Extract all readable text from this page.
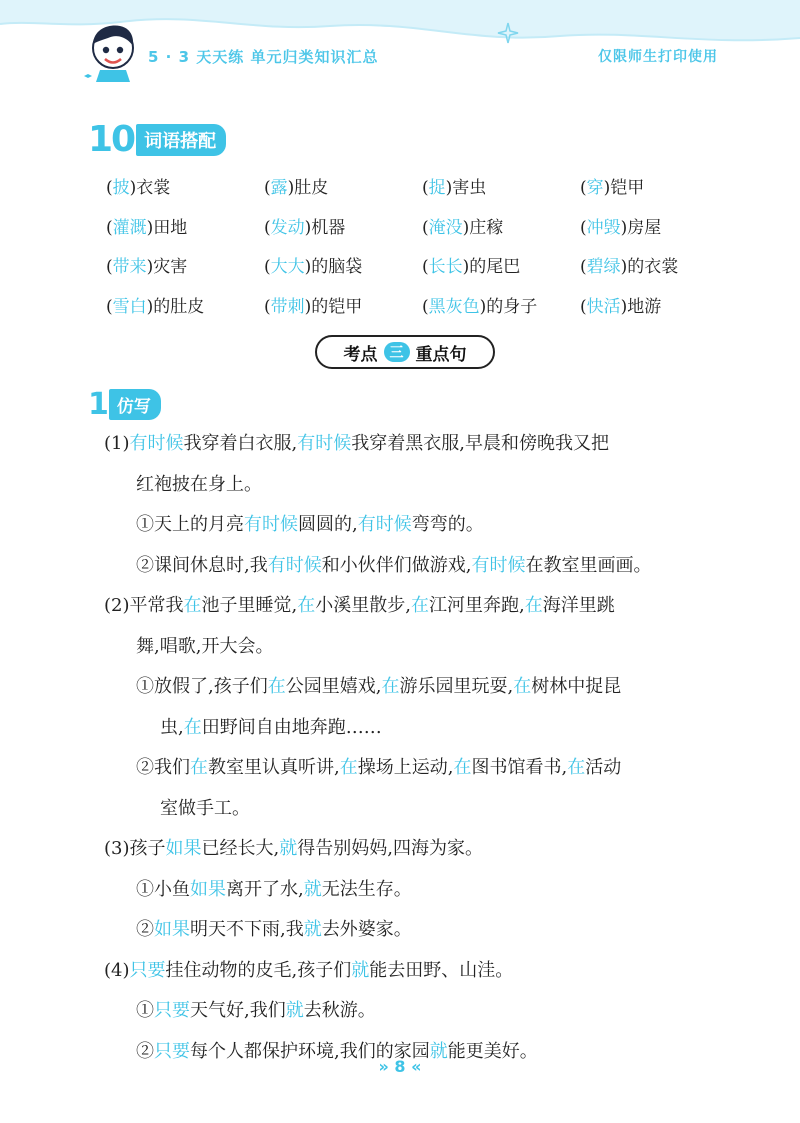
5 · 3 天天练 单元归类知识汇总	仅限师生打印使用
10 词语搭配
(披)衣裳	(露)肚皮	(捉)害虫	(穿)铠甲
(灌溉)田地	(发动)机器	(淹没)庄稼	(冲毁)房屋
(带来)灾害	(大大)的脑袋	(长长)的尾巴	(碧绿)的衣裳
(雪白)的肚皮	(带刺)的铠甲	(黑灰色)的身子	(快活)地游
考点 三 重点句
1 仿写
(1)有时候我穿着白衣服,有时候我穿着黑衣服,早晨和傍晚我又把
红袍披在身上。
①天上的月亮有时候圆圆的,有时候弯弯的。
②课间休息时,我有时候和小伙伴们做游戏,有时候在教室里画画。
(2)平常我在池子里睡觉,在小溪里散步,在江河里奔跑,在海洋里跳
舞,唱歌,开大会。
①放假了,孩子们在公园里嬉戏,在游乐园里玩耍,在树林中捉昆
虫,在田野间自由地奔跑……
②我们在教室里认真听讲,在操场上运动,在图书馆看书,在活动
室做手工。
(3)孩子如果已经长大,就得告别妈妈,四海为家。
①小鱼如果离开了水,就无法生存。
②如果明天不下雨,我就去外婆家。
(4)只要挂住动物的皮毛,孩子们就能去田野、山洼。
①只要天气好,我们就去秋游。
②只要每个人都保护环境,我们的家园就能更美好。
» 8 «
